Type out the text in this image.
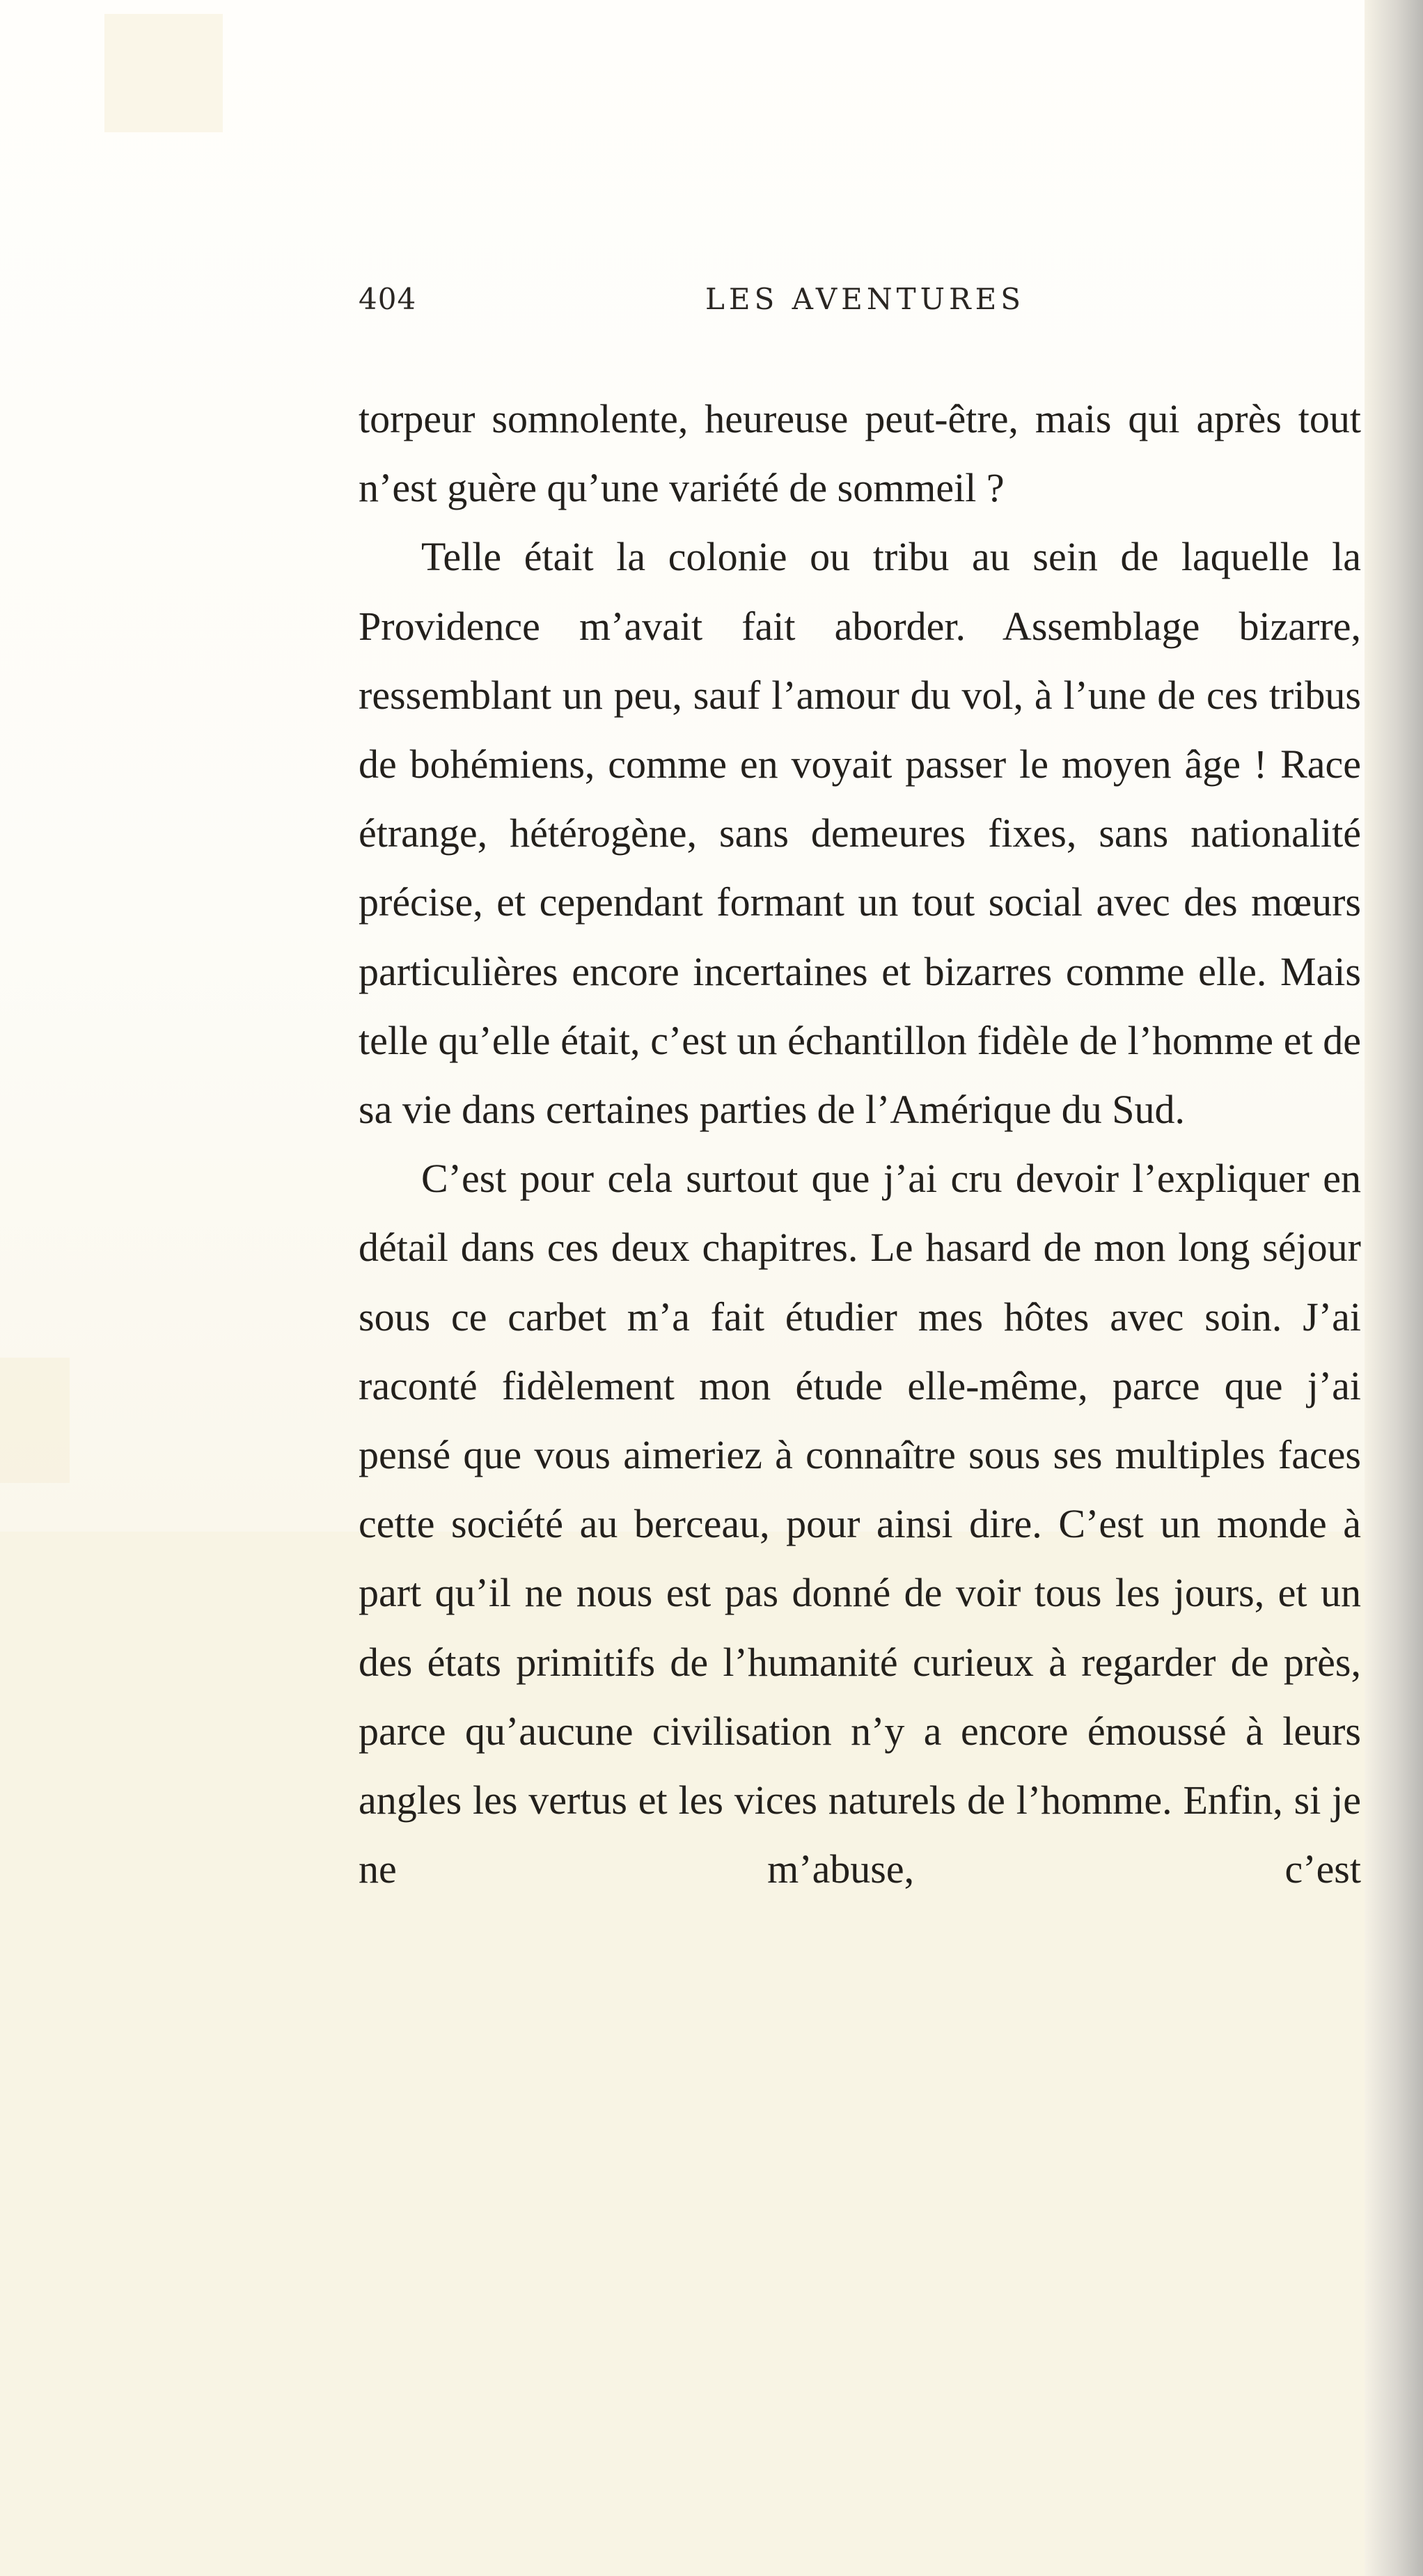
404	LES AVENTURES

torpeur somnolente, heureuse peut-être, mais qui après tout n’est guère qu’une variété de sommeil ?

Telle était la colonie ou tribu au sein de laquelle la Providence m’avait fait aborder. Assemblage bizarre, ressemblant un peu, sauf l’amour du vol, à l’une de ces tribus de bohémiens, comme en voyait passer le moyen âge ! Race étrange, hétérogène, sans demeures fixes, sans nationalité précise, et cependant formant un tout social avec des mœurs particulières encore incertaines et bizarres comme elle. Mais telle qu’elle était, c’est un échantillon fidèle de l’homme et de sa vie dans certaines parties de l’Amérique du Sud.

C’est pour cela surtout que j’ai cru devoir l’expliquer en détail dans ces deux chapitres. Le hasard de mon long séjour sous ce carbet m’a fait étudier mes hôtes avec soin. J’ai raconté fidèlement mon étude elle-même, parce que j’ai pensé que vous aimeriez à connaître sous ses multiples faces cette société au berceau, pour ainsi dire. C’est un monde à part qu’il ne nous est pas donné de voir tous les jours, et un des états primitifs de l’humanité curieux à regarder de près, parce qu’aucune civilisation n’y a encore émoussé à leurs angles les vertus et les vices naturels de l’homme. Enfin, si je ne m’abuse, c’est
